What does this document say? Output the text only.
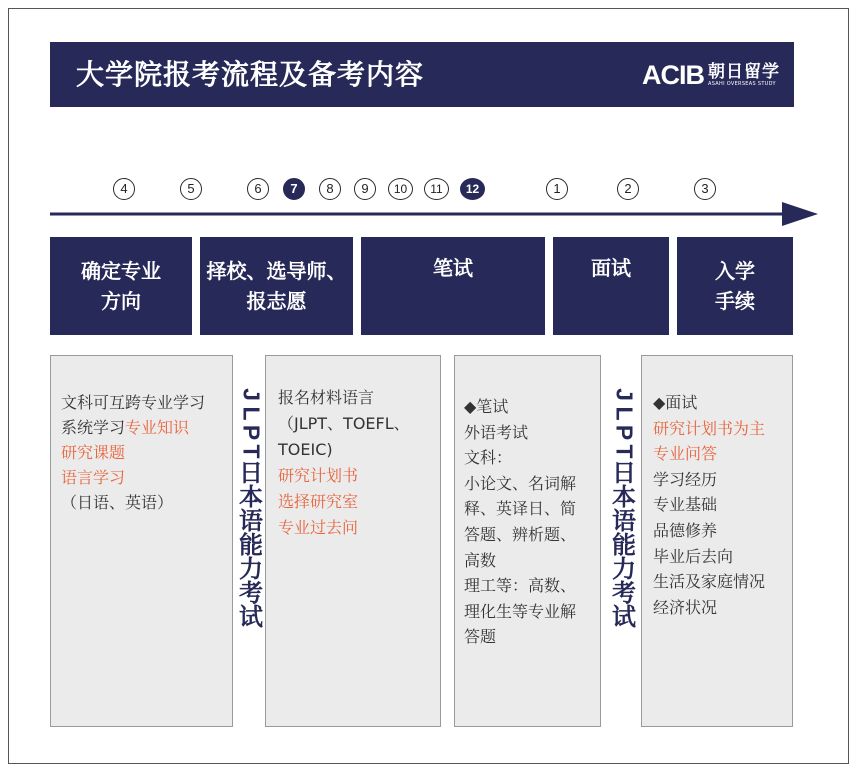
大学院报考流程及备考内容	ACIB 朝日留学
ASAHI OVERSEAS STUDY
4	5	6	7	8	9	10	11	12	1	2	3
确定专业
方向
择校、选导师、
报志愿
笔试	面试	入学
手续
文科可互跨专业学习
系统学习专业知识
研究课题
语言学习
（日语、英语）
报名材料语言
（JLPT、TOEFL、
TOEIC)
研究计划书
选择研究室
专业过去问
◆笔试
外语考试
文科：
小论文、名词解
释、英译日、简
答题、辨析题、
高数
理工等：高数、
理化生等专业解
答题
◆面试
研究计划书为主
专业问答
学习经历
专业基础
品德修养
毕业后去向
生活及家庭情况
经济状况
J
L
P
T
日
本
语
能
力
考
试
J
L
P
T
日
本
语
能
力
考
试
